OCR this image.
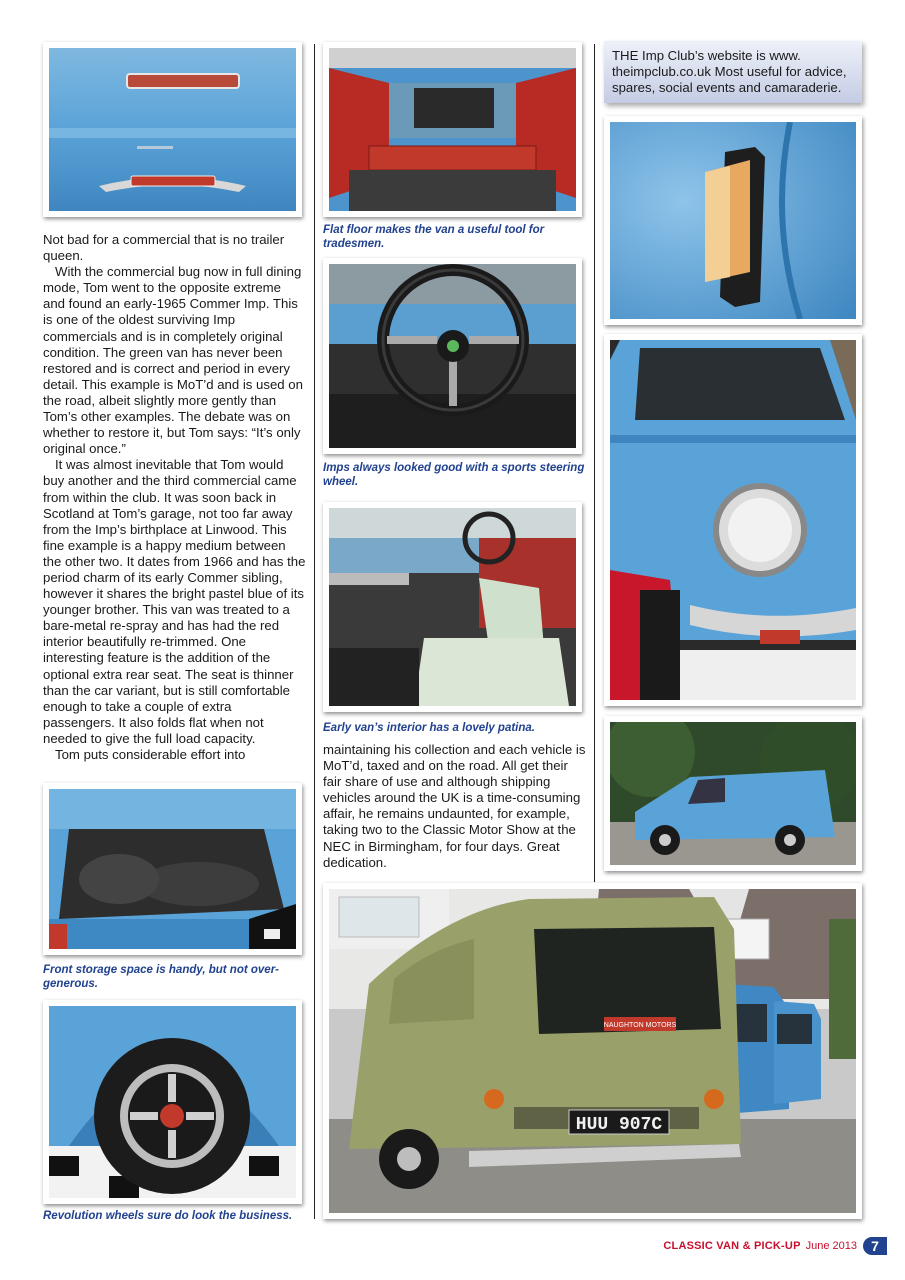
Not bad for a commercial that is no trailer queen.

With the commercial bug now in full dining mode, Tom went to the opposite extreme and found an early-1965 Commer Imp. This is one of the oldest surviving Imp commercials and is in completely original condition. The green van has never been restored and is correct and period in every detail. This example is MoT’d and is used on the road, albeit slightly more gently than Tom’s other examples. The debate was on whether to restore it, but Tom says: “It’s only original once.”

It was almost inevitable that Tom would buy another and the third commercial came from within the club. It was soon back in Scotland at Tom’s garage, not too far away from the Imp’s birthplace at Linwood. This fine example is a happy medium between the other two. It dates from 1966 and has the period charm of its early Commer sibling, however it shares the bright pastel blue of its younger brother. This van was treated to a bare-metal re-spray and has had the red interior beautifully re-trimmed. One interesting feature is the addition of the optional extra rear seat. The seat is thinner than the car variant, but is still comfortable enough to take a couple of extra passengers. It also folds flat when not needed to give the full load capacity.

Tom puts considerable effort into

Front storage space is handy, but not over-generous.
Revolution wheels sure do look the business.
Flat floor makes the van a useful tool for tradesmen.
Imps always looked good with a sports steering wheel.
Early van’s interior has a lovely patina.

maintaining his collection and each vehicle is MoT’d, taxed and on the road. All get their fair share of use and although shipping vehicles around the UK is a time-consuming affair, he remains undaunted, for example, taking two to the Classic Motor Show at the NEC in Birmingham, for four days. Great dedication.

THE Imp Club’s website is www. theimpclub.co.uk Most useful for advice, spares, social events and camaraderie.
NAUGHTON MOTORS
HUU 907C
CLASSIC VAN & PICK-UP June 2013	7
